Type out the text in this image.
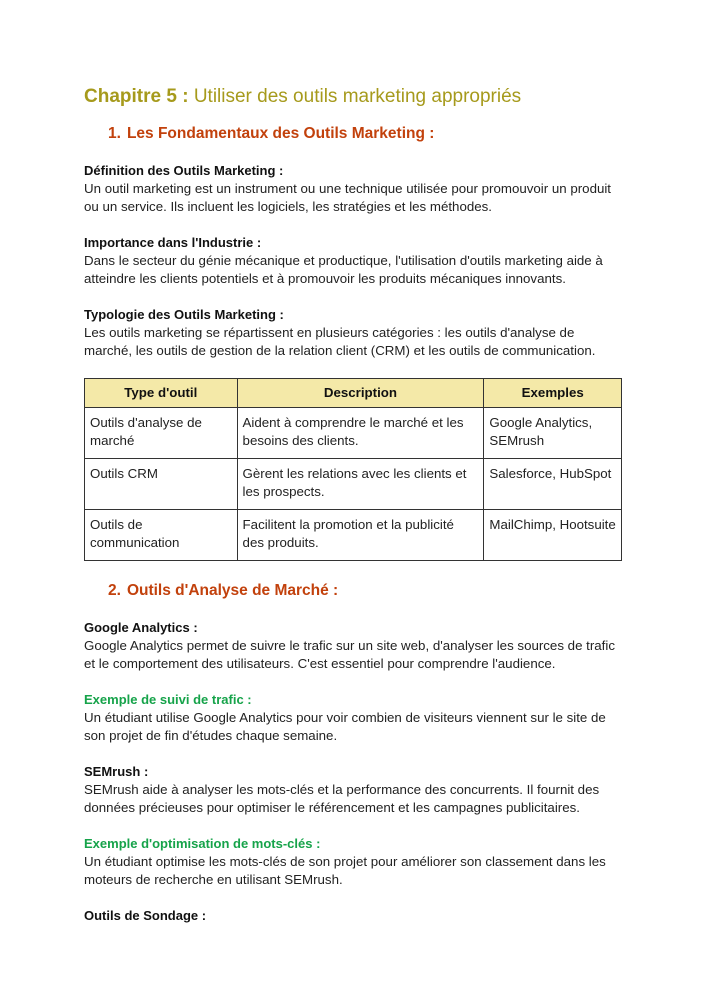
Chapitre 5 : Utiliser des outils marketing appropriés
1. Les Fondamentaux des Outils Marketing :
Définition des Outils Marketing :
Un outil marketing est un instrument ou une technique utilisée pour promouvoir un produit ou un service. Ils incluent les logiciels, les stratégies et les méthodes.
Importance dans l'Industrie :
Dans le secteur du génie mécanique et productique, l'utilisation d'outils marketing aide à atteindre les clients potentiels et à promouvoir les produits mécaniques innovants.
Typologie des Outils Marketing :
Les outils marketing se répartissent en plusieurs catégories : les outils d'analyse de marché, les outils de gestion de la relation client (CRM) et les outils de communication.
Type d'outil	Description	Exemples
Outils d'analyse de marché	Aident à comprendre le marché et les besoins des clients.	Google Analytics, SEMrush
Outils CRM	Gèrent les relations avec les clients et les prospects.	Salesforce, HubSpot
Outils de communication	Facilitent la promotion et la publicité des produits.	MailChimp, Hootsuite
2. Outils d'Analyse de Marché :
Google Analytics :
Google Analytics permet de suivre le trafic sur un site web, d'analyser les sources de trafic et le comportement des utilisateurs. C'est essentiel pour comprendre l'audience.
Exemple de suivi de trafic :
Un étudiant utilise Google Analytics pour voir combien de visiteurs viennent sur le site de son projet de fin d'études chaque semaine.
SEMrush :
SEMrush aide à analyser les mots-clés et la performance des concurrents. Il fournit des données précieuses pour optimiser le référencement et les campagnes publicitaires.
Exemple d'optimisation de mots-clés :
Un étudiant optimise les mots-clés de son projet pour améliorer son classement dans les moteurs de recherche en utilisant SEMrush.
Outils de Sondage :
